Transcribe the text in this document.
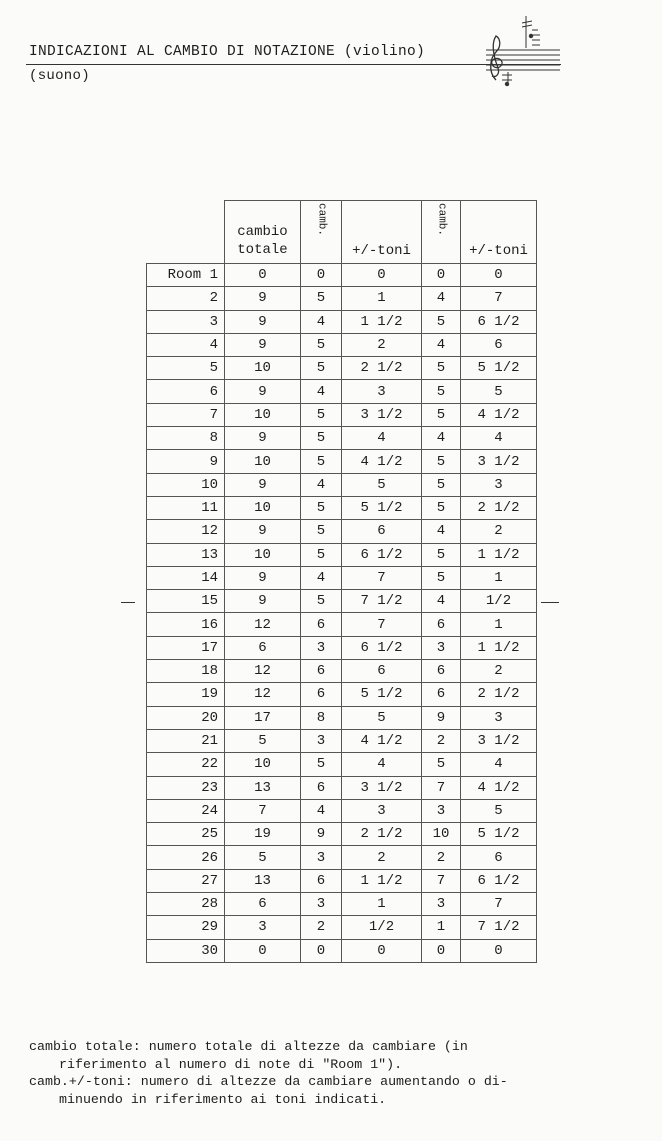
INDICAZIONI AL CAMBIO DI NOTAZIONE (violino)
(suono)
	cambio
totale	camb.	+/-toni	camb.	+/-toni
Room 1	0	0	0	0	0
2	9	5	1	4	7
3	9	4	1 1/2	5	6 1/2
4	9	5	2	4	6
5	10	5	2 1/2	5	5 1/2
6	9	4	3	5	5
7	10	5	3 1/2	5	4 1/2
8	9	5	4	4	4
9	10	5	4 1/2	5	3 1/2
10	9	4	5	5	3
11	10	5	5 1/2	5	2 1/2
12	9	5	6	4	2
13	10	5	6 1/2	5	1 1/2
14	9	4	7	5	1
15	9	5	7 1/2	4	1/2
16	12	6	7	6	1
17	6	3	6 1/2	3	1 1/2
18	12	6	6	6	2
19	12	6	5 1/2	6	2 1/2
20	17	8	5	9	3
21	5	3	4 1/2	2	3 1/2
22	10	5	4	5	4
23	13	6	3 1/2	7	4 1/2
24	7	4	3	3	5
25	19	9	2 1/2	10	5 1/2
26	5	3	2	2	6
27	13	6	1 1/2	7	6 1/2
28	6	3	1	3	7
29	3	2	1/2	1	7 1/2
30	0	0	0	0	0
cambio totale: numero totale di altezze da cambiare (in
riferimento al numero di note di "Room 1").
camb.+/-toni: numero di altezze da cambiare aumentando o di-
minuendo in riferimento ai toni indicati.
